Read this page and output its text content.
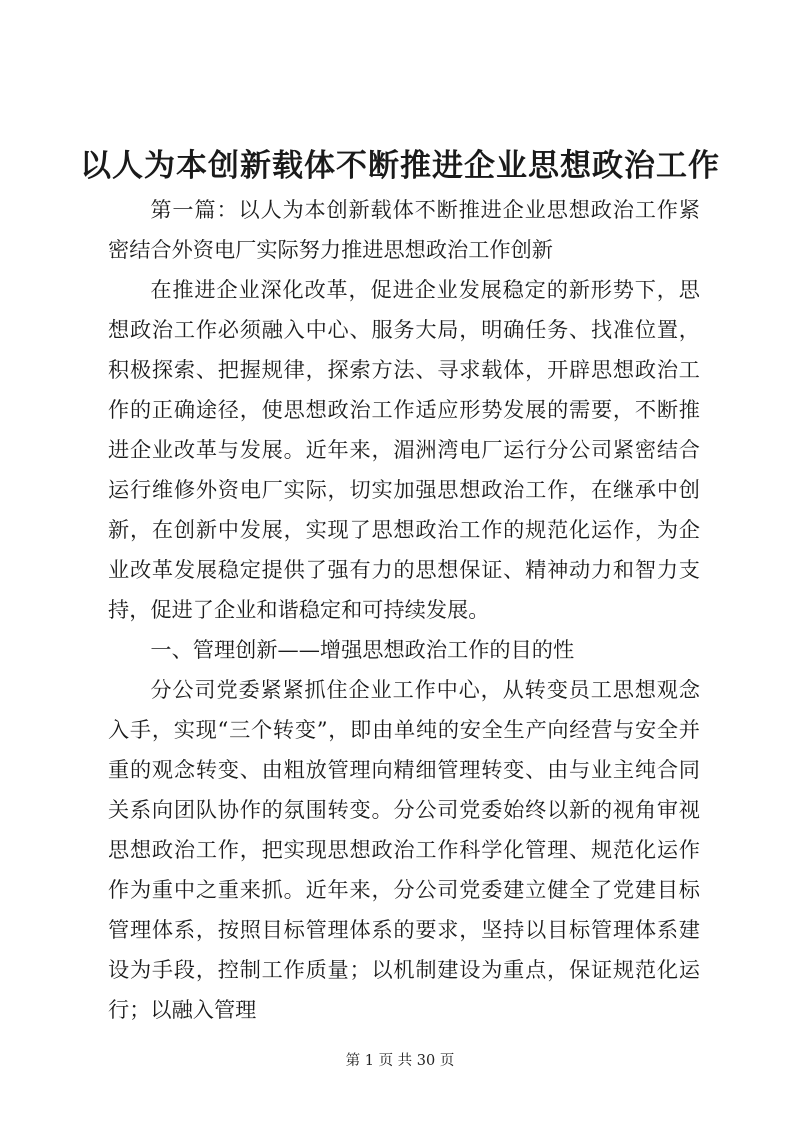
以人为本创新载体不断推进企业思想政治工作

第一篇：以人为本创新载体不断推进企业思想政治工作紧密结合外资电厂实际努力推进思想政治工作创新

在推进企业深化改革，促进企业发展稳定的新形势下，思想政治工作必须融入中心、服务大局，明确任务、找准位置，积极探索、把握规律，探索方法、寻求载体，开辟思想政治工作的正确途径，使思想政治工作适应形势发展的需要，不断推进企业改革与发展。近年来，湄洲湾电厂运行分公司紧密结合运行维修外资电厂实际，切实加强思想政治工作，在继承中创新，在创新中发展，实现了思想政治工作的规范化运作，为企业改革发展稳定提供了强有力的思想保证、精神动力和智力支持，促进了企业和谐稳定和可持续发展。

一、管理创新——增强思想政治工作的目的性

分公司党委紧紧抓住企业工作中心，从转变员工思想观念入手，实现“三个转变”，即由单纯的安全生产向经营与安全并重的观念转变、由粗放管理向精细管理转变、由与业主纯合同关系向团队协作的氛围转变。分公司党委始终以新的视角审视思想政治工作，把实现思想政治工作科学化管理、规范化运作作为重中之重来抓。近年来，分公司党委建立健全了党建目标管理体系，按照目标管理体系的要求，坚持以目标管理体系建设为手段，控制工作质量；以机制建设为重点，保证规范化运行；以融入管理

第 1 页 共 30 页
